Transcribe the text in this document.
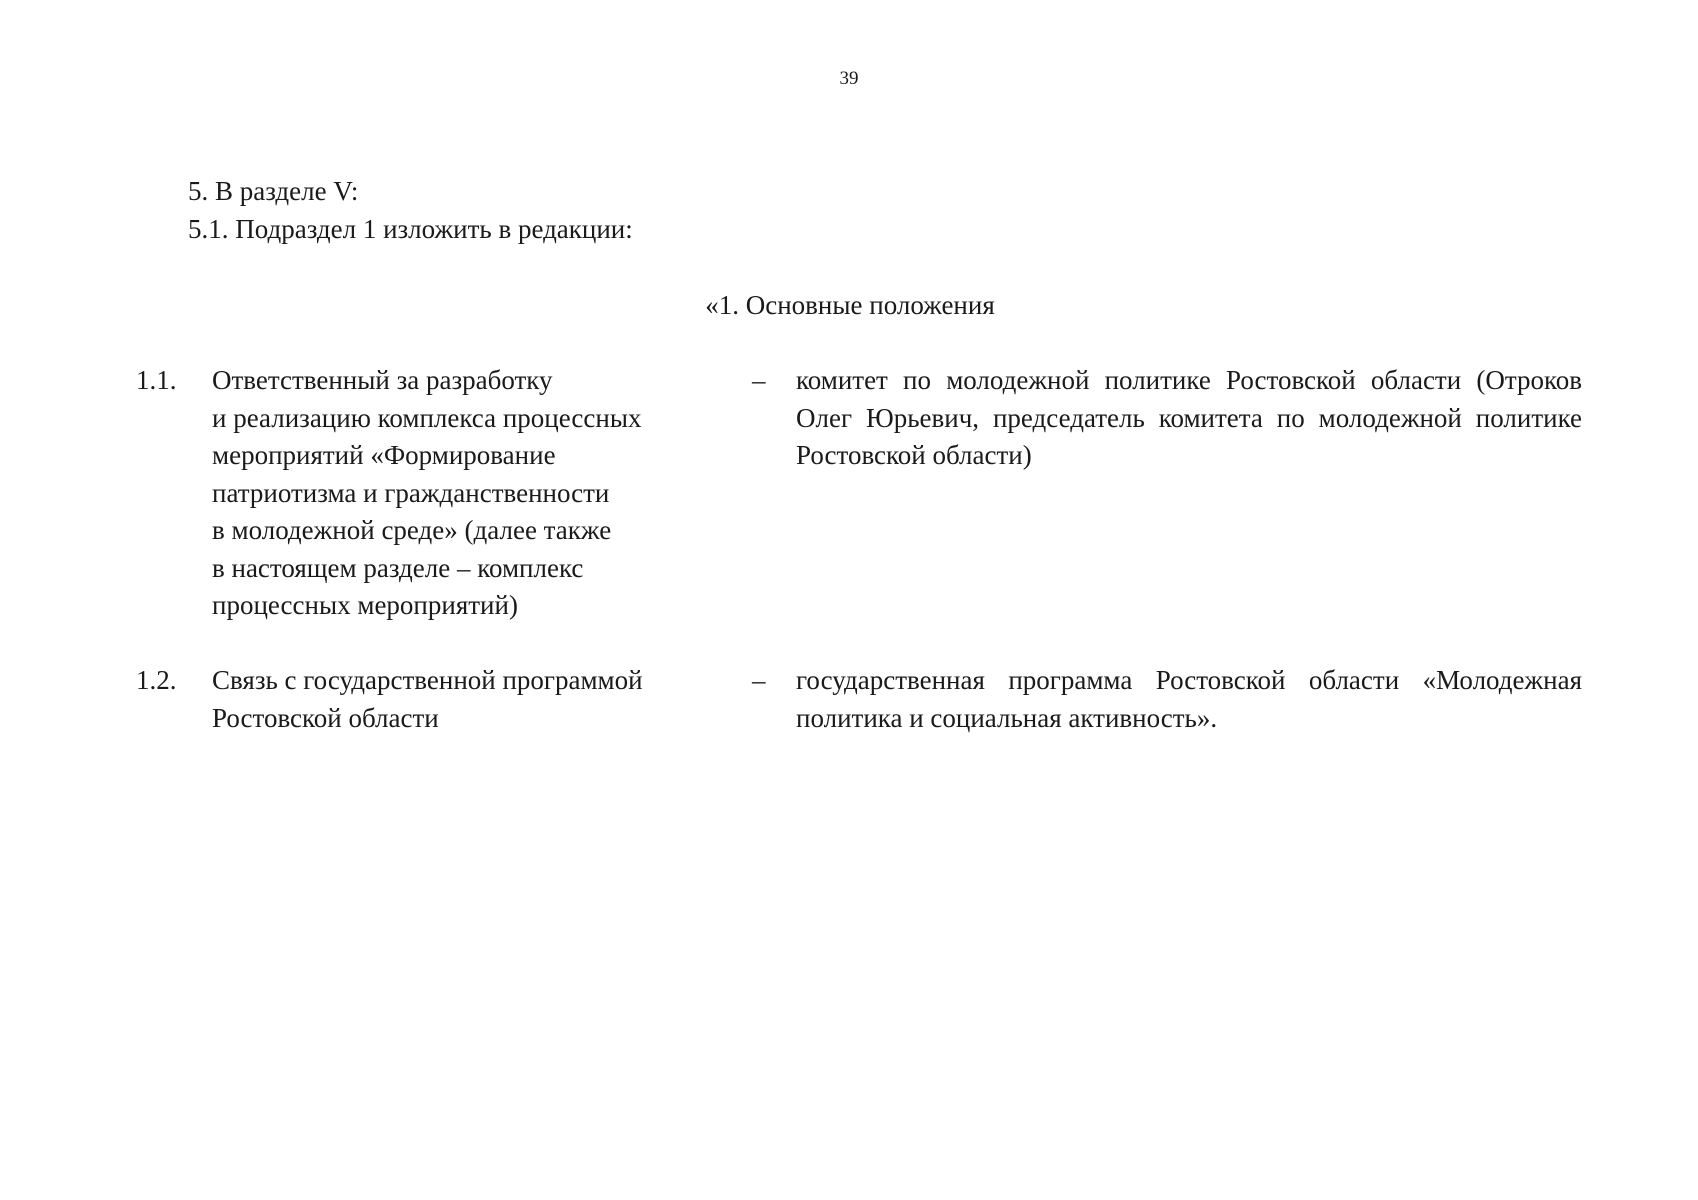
39
5. В разделе V:
5.1. Подраздел 1 изложить в редакции:
«1. Основные положения
1.1. Ответственный за разработку
и реализацию комплекса процессных
мероприятий «Формирование
патриотизма и гражданственности
в молодежной среде» (далее также
в настоящем разделе – комплекс
процессных мероприятий)
– комитет по молодежной политике Ростовской области (Отроков Олег Юрьевич, председатель комитета по молодежной политике Ростовской области)
1.2. Связь с государственной программой
Ростовской области
– государственная программа Ростовской области «Молодежная политика и социальная активность».
